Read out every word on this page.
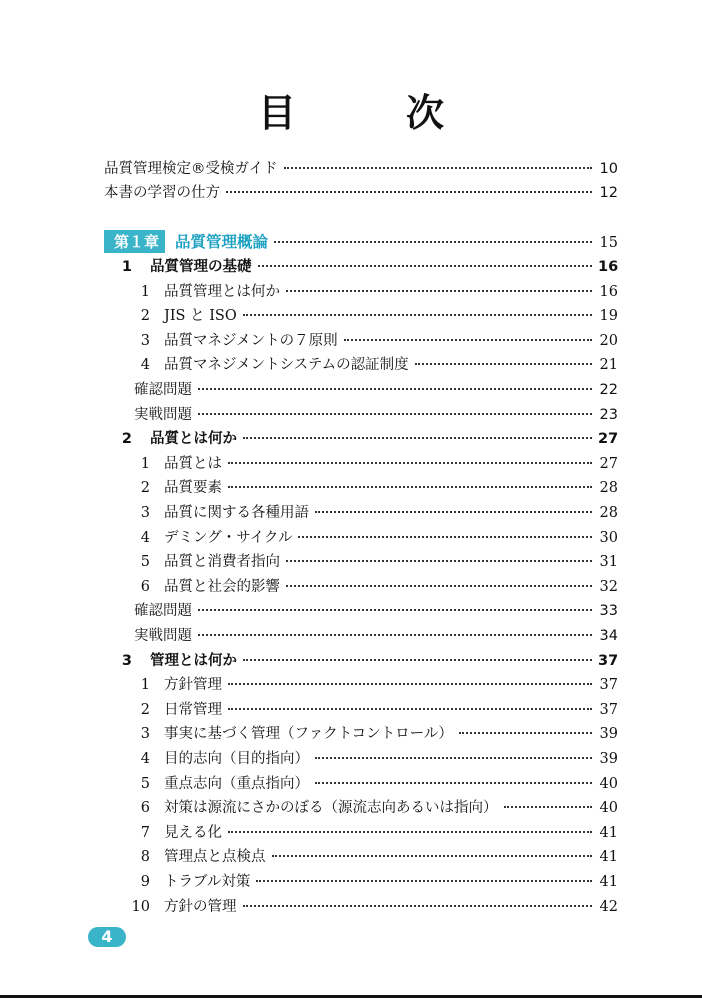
目	次
品質管理検定®受検ガイド	10
本書の学習の仕方	12
第１章	品質管理概論	15
1 品質管理の基礎	16
1 品質管理とは何か	16
2 JIS と ISO	19
3 品質マネジメントの７原則	20
4 品質マネジメントシステムの認証制度	21
確認問題	22
実戦問題	23
2 品質とは何か	27
1 品質とは	27
2 品質要素	28
3 品質に関する各種用語	28
4 デミング・サイクル	30
5 品質と消費者指向	31
6 品質と社会的影響	32
確認問題	33
実戦問題	34
3 管理とは何か	37
1 方針管理	37
2 日常管理	37
3 事実に基づく管理（ファクトコントロール）	39
4 目的志向（目的指向）	39
5 重点志向（重点指向）	40
6 対策は源流にさかのぼる（源流志向あるいは指向）	40
7 見える化	41
8 管理点と点検点	41
9 トラブル対策	41
10 方針の管理	42
4
